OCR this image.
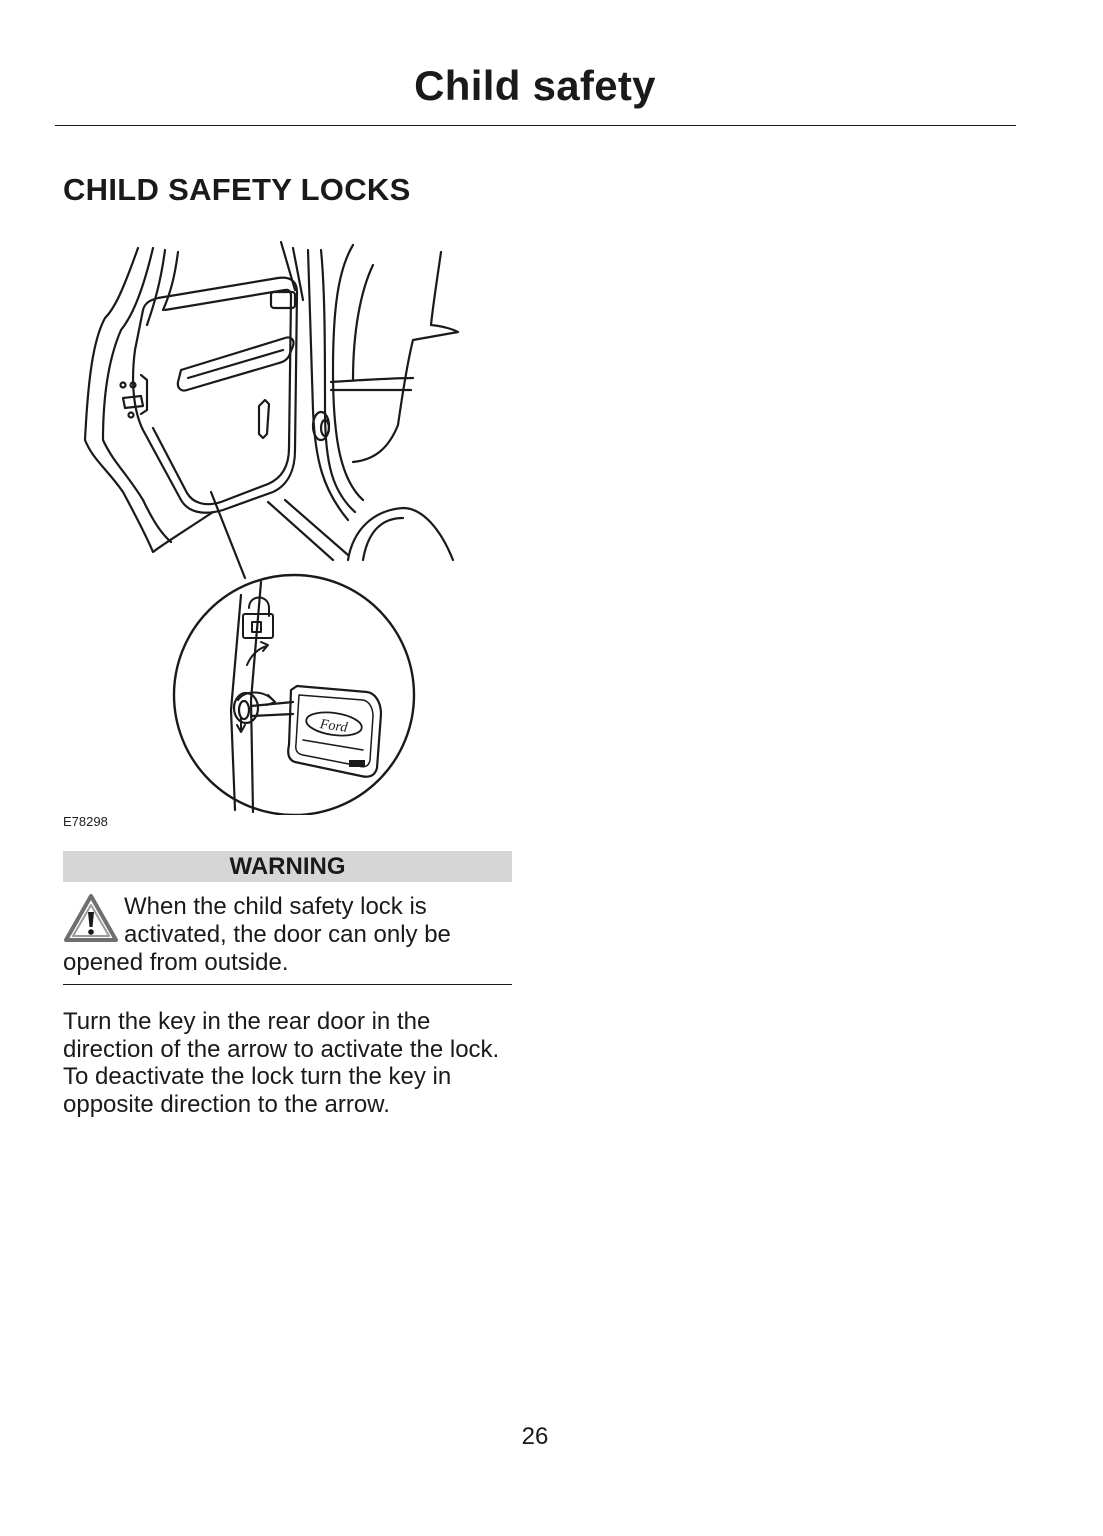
Child safety
CHILD SAFETY LOCKS
Ford
E78298
WARNING
When the child safety lock is activated, the door can only be opened from outside.
Turn the key in the rear door in the direction of the arrow to activate the lock. To deactivate the lock turn the key in opposite direction to the arrow.
26
